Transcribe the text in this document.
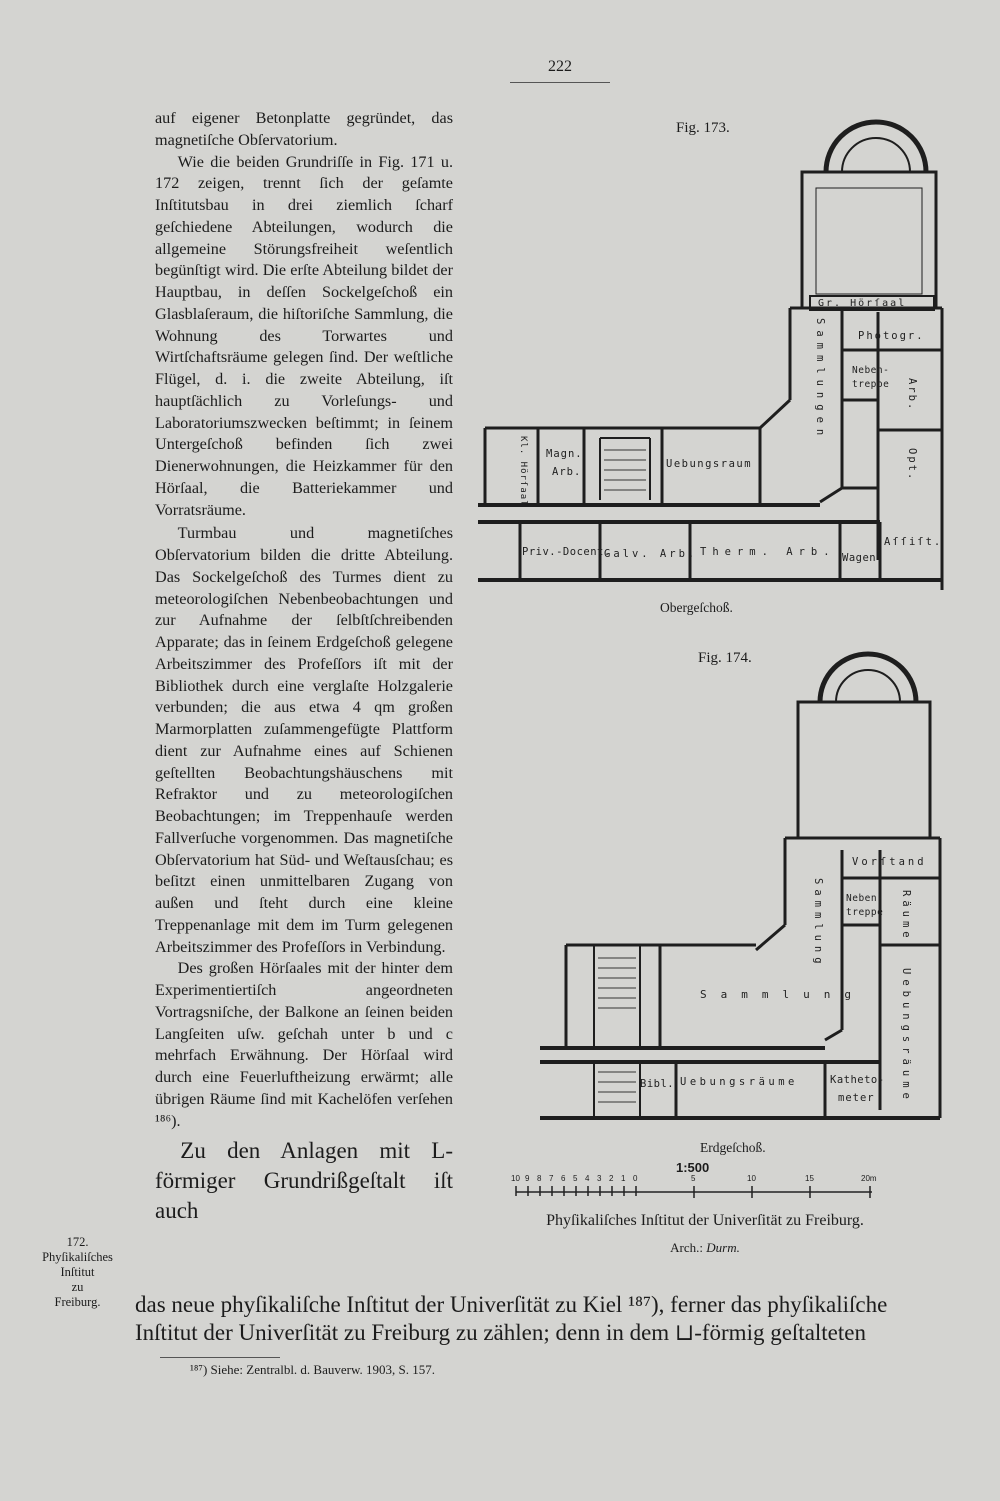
222

auf eigener Betonplatte gegründet, das magnetiſche Obſervatorium.

Wie die beiden Grundriſſe in Fig. 171 u. 172 zeigen, trennt ſich der geſamte Inſtitutsbau in drei ziemlich ſcharf geſchiedene Abteilungen, wodurch die allgemeine Störungsfreiheit weſentlich begünſtigt wird. Die erſte Abteilung bildet der Hauptbau, in deſſen Sockelgeſchoß ein Glasblaſeraum, die hiſtoriſche Sammlung, die Wohnung des Torwartes und Wirtſchaftsräume gelegen ſind. Der weſtliche Flügel, d. i. die zweite Abteilung, iſt hauptſächlich zu Vorleſungs- und Laboratoriumszwecken beſtimmt; in ſeinem Untergeſchoß befinden ſich zwei Dienerwohnungen, die Heizkammer für den Hörſaal, die Batteriekammer und Vorratsräume.

Turmbau und magnetiſches Obſervatorium bilden die dritte Abteilung. Das Sockelgeſchoß des Turmes dient zu meteorologiſchen Nebenbeobachtungen und zur Aufnahme der ſelbſtſchreibenden Apparate; das in ſeinem Erdgeſchoß gelegene Arbeitszimmer des Profeſſors iſt mit der Bibliothek durch eine verglaſte Holzgalerie verbunden; die aus etwa 4 qm großen Marmorplatten zuſammengefügte Plattform dient zur Aufnahme eines auf Schienen geſtellten Beobachtungshäuschens mit Refraktor und zu meteorologiſchen Beobachtungen; im Treppenhauſe werden Fallverſuche vorgenommen. Das magnetiſche Obſervatorium hat Süd- und Weſtausſchau; es beſitzt einen unmittelbaren Zugang von außen und ſteht durch eine kleine Treppenanlage mit dem im Turm gelegenen Arbeitszimmer des Profeſſors in Verbindung.

Des großen Hörſaales mit der hinter dem Experimentiertiſch angeordneten Vortragsniſche, der Balkone an ſeinen beiden Langſeiten uſw. geſchah unter b und c mehrfach Erwähnung. Der Hörſaal wird durch eine Feuerluftheizung erwärmt; alle übrigen Räume ſind mit Kachelöfen verſehen ¹⁸⁶).

Zu den Anlagen mit L-förmiger Grundrißgeſtalt iſt auch

das neue phyſikaliſche Inſtitut der Univerſität zu Kiel ¹⁸⁷), ferner das phyſikaliſche
Inſtitut der Univerſität zu Freiburg zu zählen; denn in dem ⊔-förmig geſtalteten
172.
Phyſikaliſches
Inſtitut
zu
Freiburg.
¹⁸⁷) Siehe: Zentralbl. d. Bauverw. 1903, S. 157.
Fig. 173.
Obergeſchoß.
Fig. 174.
Erdgeſchoß.
1:500
10 9 8 7 6 5 4 3 2 1 0	5	10	15	20m
Gr. Hörſaal
Photogr.
Sammlungen	Neben-
treppe Arb.
Opt.
Kl. Hörſaal Magn.
Arb.
Uebungsraum
Priv.-Docent.
Galv. Arb. Therm. Arb. Wagen
Aſſiſt.
Vorſtand
Neben-
treppe
Sammlung
Sammlung	Räume
Bibl. Uebungsräume	Katheto-
meter Uebungsräume
Phyſikaliſches Inſtitut der Univerſität zu Freiburg.
Arch.: Durm.
